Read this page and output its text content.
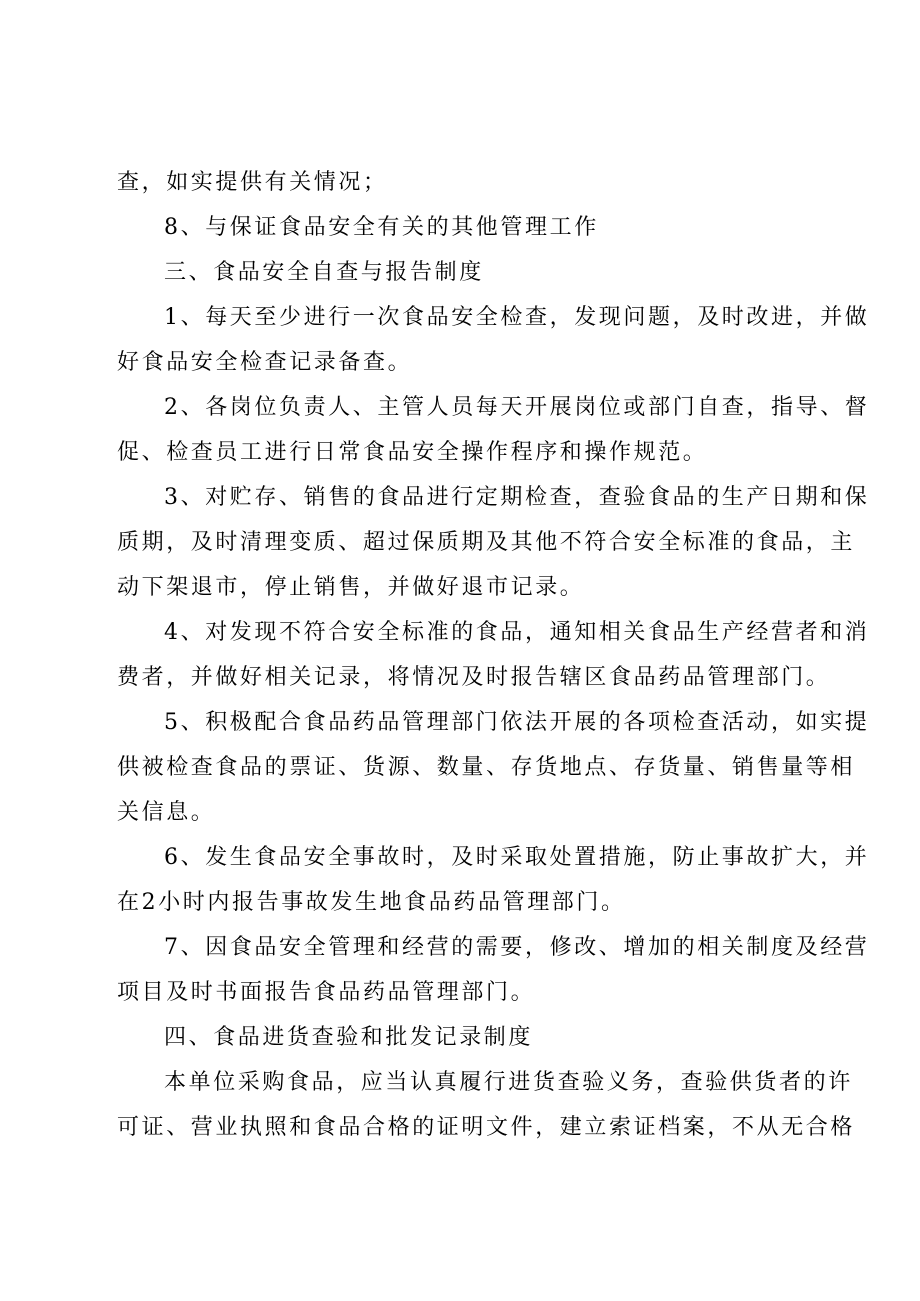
查，如实提供有关情况；
8、与保证食品安全有关的其他管理工作
三、食品安全自查与报告制度
1、每天至少进行一次食品安全检查，发现问题，及时改进，并做
好食品安全检查记录备查。
2、各岗位负责人、主管人员每天开展岗位或部门自查，指导、督
促、检查员工进行日常食品安全操作程序和操作规范。
3、对贮存、销售的食品进行定期检查，查验食品的生产日期和保
质期，及时清理变质、超过保质期及其他不符合安全标准的食品，主
动下架退市，停止销售，并做好退市记录。
4、对发现不符合安全标准的食品，通知相关食品生产经营者和消
费者，并做好相关记录，将情况及时报告辖区食品药品管理部门。
5、积极配合食品药品管理部门依法开展的各项检查活动，如实提
供被检查食品的票证、货源、数量、存货地点、存货量、销售量等相
关信息。
6、发生食品安全事故时，及时采取处置措施，防止事故扩大，并
在2小时内报告事故发生地食品药品管理部门。
7、因食品安全管理和经营的需要，修改、增加的相关制度及经营
项目及时书面报告食品药品管理部门。
四、食品进货查验和批发记录制度
本单位采购食品，应当认真履行进货查验义务，查验供货者的许
可证、营业执照和食品合格的证明文件，建立索证档案，不从无合格
